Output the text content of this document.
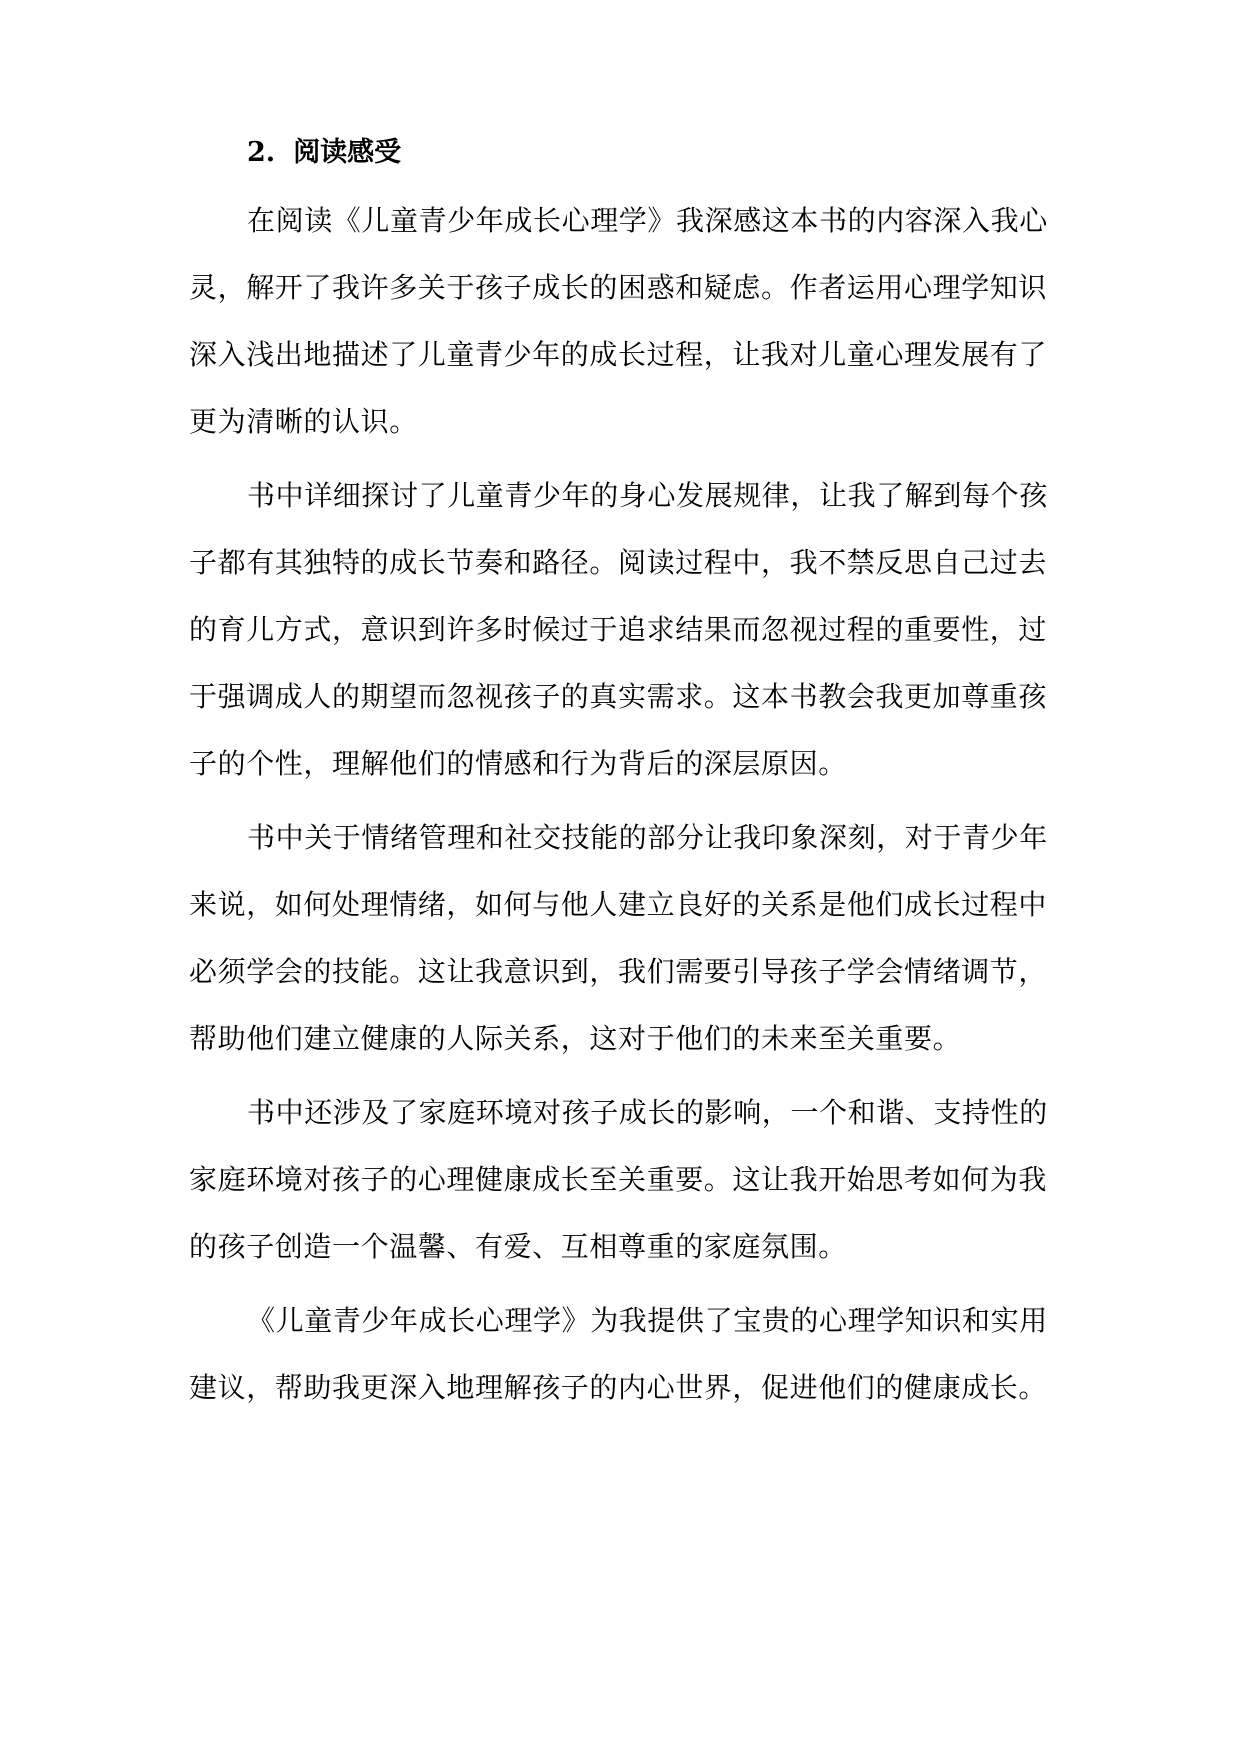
2. 阅读感受
在阅读《儿童青少年成长心理学》我深感这本书的内容深入我心
灵，解开了我许多关于孩子成长的困惑和疑虑。作者运用心理学知识
深入浅出地描述了儿童青少年的成长过程，让我对儿童心理发展有了
更为清晰的认识。
书中详细探讨了儿童青少年的身心发展规律，让我了解到每个孩
子都有其独特的成长节奏和路径。阅读过程中，我不禁反思自己过去
的育儿方式，意识到许多时候过于追求结果而忽视过程的重要性，过
于强调成人的期望而忽视孩子的真实需求。这本书教会我更加尊重孩
子的个性，理解他们的情感和行为背后的深层原因。
书中关于情绪管理和社交技能的部分让我印象深刻，对于青少年
来说，如何处理情绪，如何与他人建立良好的关系是他们成长过程中
必须学会的技能。这让我意识到，我们需要引导孩子学会情绪调节，
帮助他们建立健康的人际关系，这对于他们的未来至关重要。
书中还涉及了家庭环境对孩子成长的影响，一个和谐、支持性的
家庭环境对孩子的心理健康成长至关重要。这让我开始思考如何为我
的孩子创造一个温馨、有爱、互相尊重的家庭氛围。
《儿童青少年成长心理学》为我提供了宝贵的心理学知识和实用
建议，帮助我更深入地理解孩子的内心世界，促进他们的健康成长。
